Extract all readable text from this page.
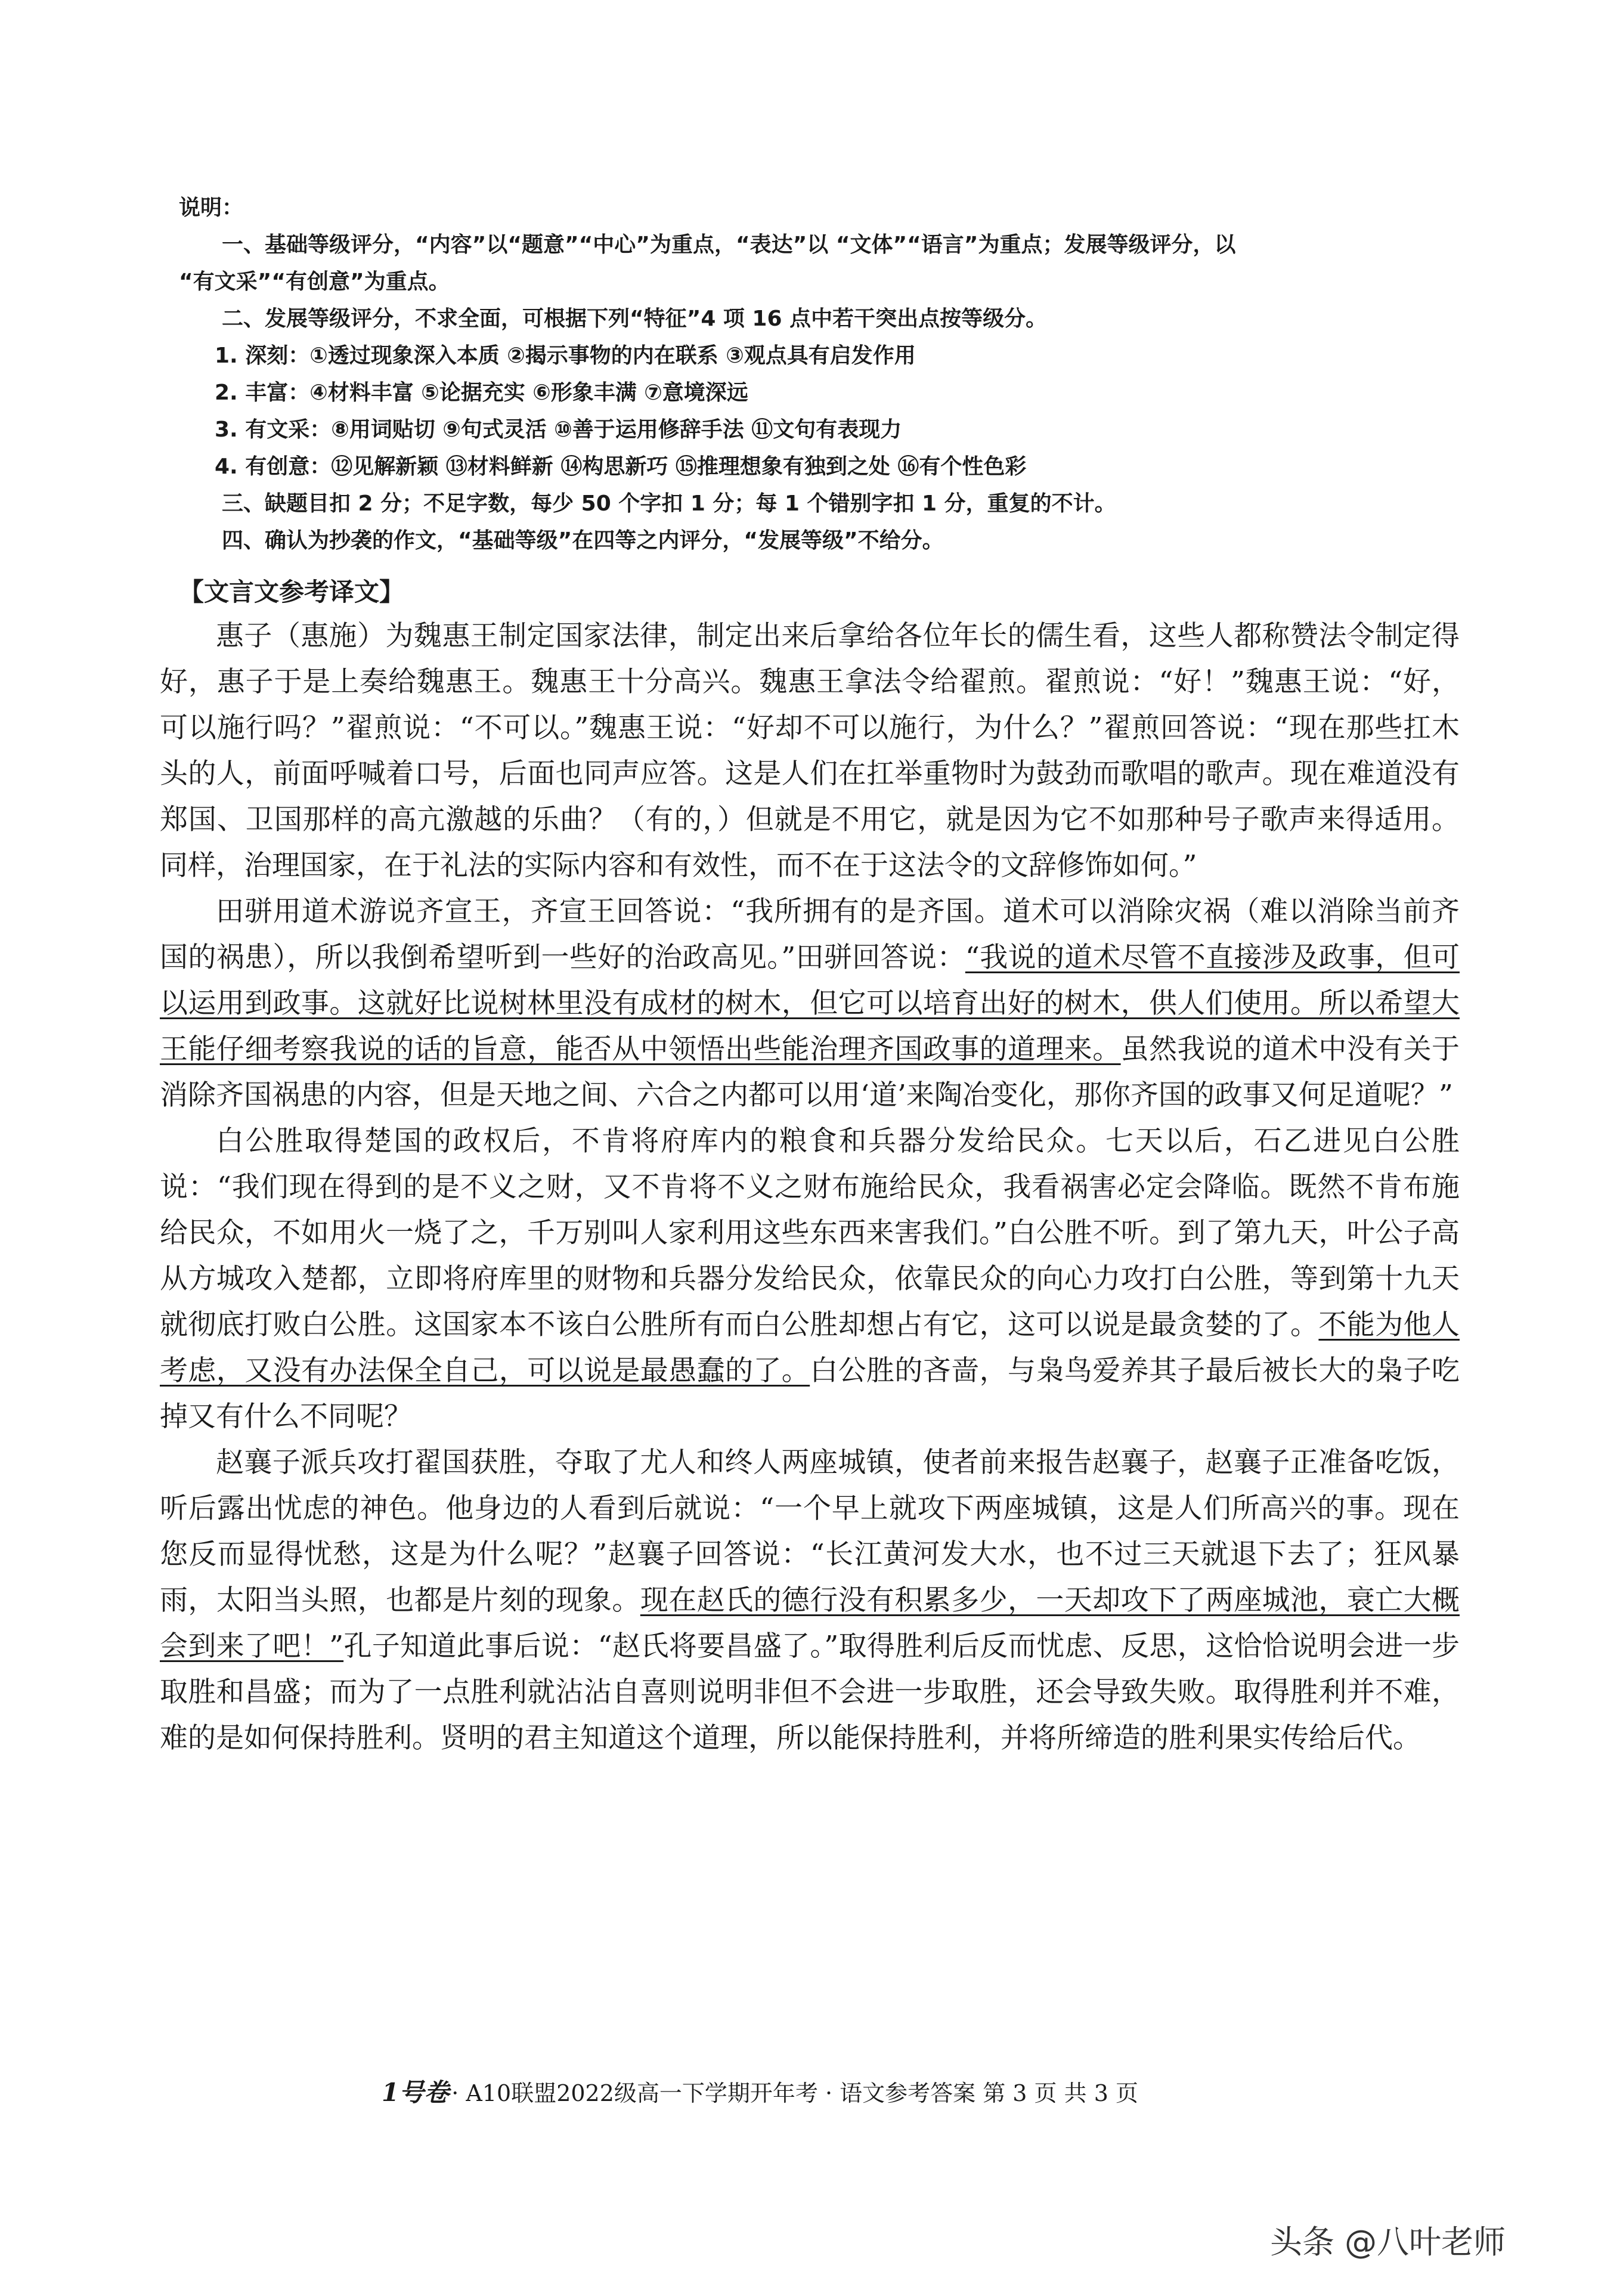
说明：

一、基础等级评分，“内容”以“题意”“中心”为重点，“表达”以 “文体”“语言”为重点；发展等级评分，以

“有文采”“有创意”为重点。

二、发展等级评分，不求全面，可根据下列“特征”4 项 16 点中若干突出点按等级分。

1. 深刻：①透过现象深入本质 ②揭示事物的内在联系 ③观点具有启发作用

2. 丰富：④材料丰富 ⑤论据充实 ⑥形象丰满 ⑦意境深远

3. 有文采：⑧用词贴切 ⑨句式灵活 ⑩善于运用修辞手法 ⑪文句有表现力

4. 有创意：⑫见解新颖 ⑬材料鲜新 ⑭构思新巧 ⑮推理想象有独到之处 ⑯有个性色彩

三、缺题目扣 2 分；不足字数，每少 50 个字扣 1 分；每 1 个错别字扣 1 分，重复的不计。

四、确认为抄袭的作文，“基础等级”在四等之内评分，“发展等级”不给分。

【文言文参考译文】

惠子（惠施）为魏惠王制定国家法律，制定出来后拿给各位年长的儒生看，这些人都称赞法令制定得好，惠子于是上奏给魏惠王。魏惠王十分高兴。魏惠王拿法令给翟煎。翟煎说：“好！”魏惠王说：“好，可以施行吗？”翟煎说：“不可以。”魏惠王说：“好却不可以施行，为什么？”翟煎回答说：“现在那些扛木头的人，前面呼喊着口号，后面也同声应答。这是人们在扛举重物时为鼓劲而歌唱的歌声。现在难道没有郑国、卫国那样的高亢激越的乐曲？（有的，）但就是不用它，就是因为它不如那种号子歌声来得适用。同样，治理国家，在于礼法的实际内容和有效性，而不在于这法令的文辞修饰如何。”

田骈用道术游说齐宣王，齐宣王回答说：“我所拥有的是齐国。道术可以消除灾祸（难以消除当前齐国的祸患），所以我倒希望听到一些好的治政高见。”田骈回答说：“我说的道术尽管不直接涉及政事，但可以运用到政事。这就好比说树林里没有成材的树木，但它可以培育出好的树木，供人们使用。所以希望大王能仔细考察我说的话的旨意，能否从中领悟出些能治理齐国政事的道理来。虽然我说的道术中没有关于消除齐国祸患的内容，但是天地之间、六合之内都可以用‘道’来陶冶变化，那你齐国的政事又何足道呢？”

白公胜取得楚国的政权后，不肯将府库内的粮食和兵器分发给民众。七天以后，石乙进见白公胜说：“我们现在得到的是不义之财，又不肯将不义之财布施给民众，我看祸害必定会降临。既然不肯布施给民众，不如用火一烧了之，千万别叫人家利用这些东西来害我们。”白公胜不听。到了第九天，叶公子高从方城攻入楚都，立即将府库里的财物和兵器分发给民众，依靠民众的向心力攻打白公胜，等到第十九天就彻底打败白公胜。这国家本不该白公胜所有而白公胜却想占有它，这可以说是最贪婪的了。不能为他人考虑，又没有办法保全自己，可以说是最愚蠢的了。白公胜的吝啬，与枭鸟爱养其子最后被长大的枭子吃掉又有什么不同呢？

赵襄子派兵攻打翟国获胜，夺取了尤人和终人两座城镇，使者前来报告赵襄子，赵襄子正准备吃饭，听后露出忧虑的神色。他身边的人看到后就说：“一个早上就攻下两座城镇，这是人们所高兴的事。现在您反而显得忧愁，这是为什么呢？”赵襄子回答说：“长江黄河发大水，也不过三天就退下去了；狂风暴雨，太阳当头照，也都是片刻的现象。现在赵氏的德行没有积累多少，一天却攻下了两座城池，衰亡大概会到来了吧！”孔子知道此事后说：“赵氏将要昌盛了。”取得胜利后反而忧虑、反思，这恰恰说明会进一步取胜和昌盛；而为了一点胜利就沾沾自喜则说明非但不会进一步取胜，还会导致失败。取得胜利并不难，难的是如何保持胜利。贤明的君主知道这个道理，所以能保持胜利，并将所缔造的胜利果实传给后代。

1号卷 · A10联盟2022级高一下学期开年考 · 语文参考答案 第 3 页 共 3 页
头条 @八叶老师
